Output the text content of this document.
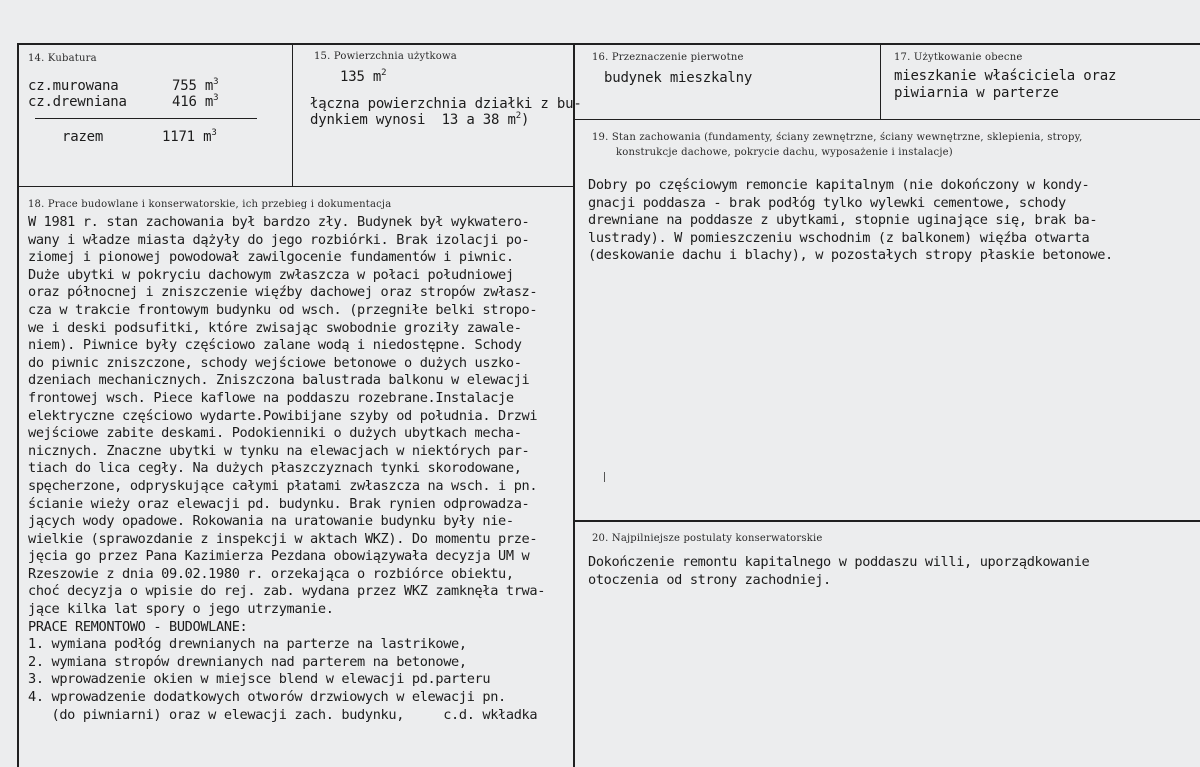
14. Kubatura
cz.murowana	755 $m^3$
cz.drewniana	416 $m^3$
razem	1171 $m^3$
15. Powierzchnia użytkowa
135 $m^2$
łączna powierzchnia działki z bu-
dynkiem wynosi  13 a 38 $m^2$)
16. Przeznaczenie pierwotne
budynek mieszkalny
17. Użytkowanie obecne
mieszkanie właściciela oraz
piwiarnia w parterze
18. Prace budowlane i konserwatorskie, ich przebieg i dokumentacja
W 1981 r. stan zachowania był bardzo zły. Budynek był wykwatero-
wany i władze miasta dążyły do jego rozbiórki. Brak izolacji po-
ziomej i pionowej powodował zawilgocenie fundamentów i piwnic.
Duże ubytki w pokryciu dachowym zwłaszcza w połaci południowej
oraz północnej i zniszczenie więźby dachowej oraz stropów zwłasz-
cza w trakcie frontowym budynku od wsch. (przegniłe belki stropo-
we i deski podsufitki, które zwisając swobodnie groziły zawale-
niem). Piwnice były częściowo zalane wodą i niedostępne. Schody
do piwnic zniszczone, schody wejściowe betonowe o dużych uszko-
dzeniach mechanicznych. Zniszczona balustrada balkonu w elewacji
frontowej wsch. Piece kaflowe na poddaszu rozebrane.Instalacje
elektryczne częściowo wydarte.Powibijane szyby od południa. Drzwi
wejściowe zabite deskami. Podokienniki o dużych ubytkach mecha-
nicznych. Znaczne ubytki w tynku na elewacjach w niektórych par-
tiach do lica cegły. Na dużych płaszczyznach tynki skorodowane,
spęcherzone, odpryskujące całymi płatami zwłaszcza na wsch. i pn.
ścianie wieży oraz elewacji pd. budynku. Brak rynien odprowadza-
jących wody opadowe. Rokowania na uratowanie budynku były nie-
wielkie (sprawozdanie z inspekcji w aktach WKZ). Do momentu prze-
jęcia go przez Pana Kazimierza Pezdana obowiązywała decyzja UM w
Rzeszowie z dnia 09.02.1980 r. orzekająca o rozbiórce obiektu,
choć decyzja o wpisie do rej. zab. wydana przez WKZ zamknęła trwa-
jące kilka lat spory o jego utrzymanie.
PRACE REMONTOWO - BUDOWLANE:
1. wymiana podłóg drewnianych na parterze na lastrikowe,
2. wymiana stropów drewnianych nad parterem na betonowe,
3. wprowadzenie okien w miejsce blend w elewacji pd.parteru
4. wprowadzenie dodatkowych otworów drzwiowych w elewacji pn.
(do piwniarni) oraz w elewacji zach. budynku,     c.d. wkładka
19. Stan zachowania (fundamenty, ściany zewnętrzne, ściany wewnętrzne, sklepienia, stropy,
konstrukcje dachowe, pokrycie dachu, wyposażenie i instalacje)
Dobry po częściowym remoncie kapitalnym (nie dokończony w kondy-
gnacji poddasza - brak podłóg tylko wylewki cementowe, schody
drewniane na poddasze z ubytkami, stopnie uginające się, brak ba-
lustrady). W pomieszczeniu wschodnim (z balkonem) więźba otwarta
(deskowanie dachu i blachy), w pozostałych stropy płaskie betonowe.
20. Najpilniejsze postulaty konserwatorskie
Dokończenie remontu kapitalnego w poddaszu willi, uporządkowanie
otoczenia od strony zachodniej.
